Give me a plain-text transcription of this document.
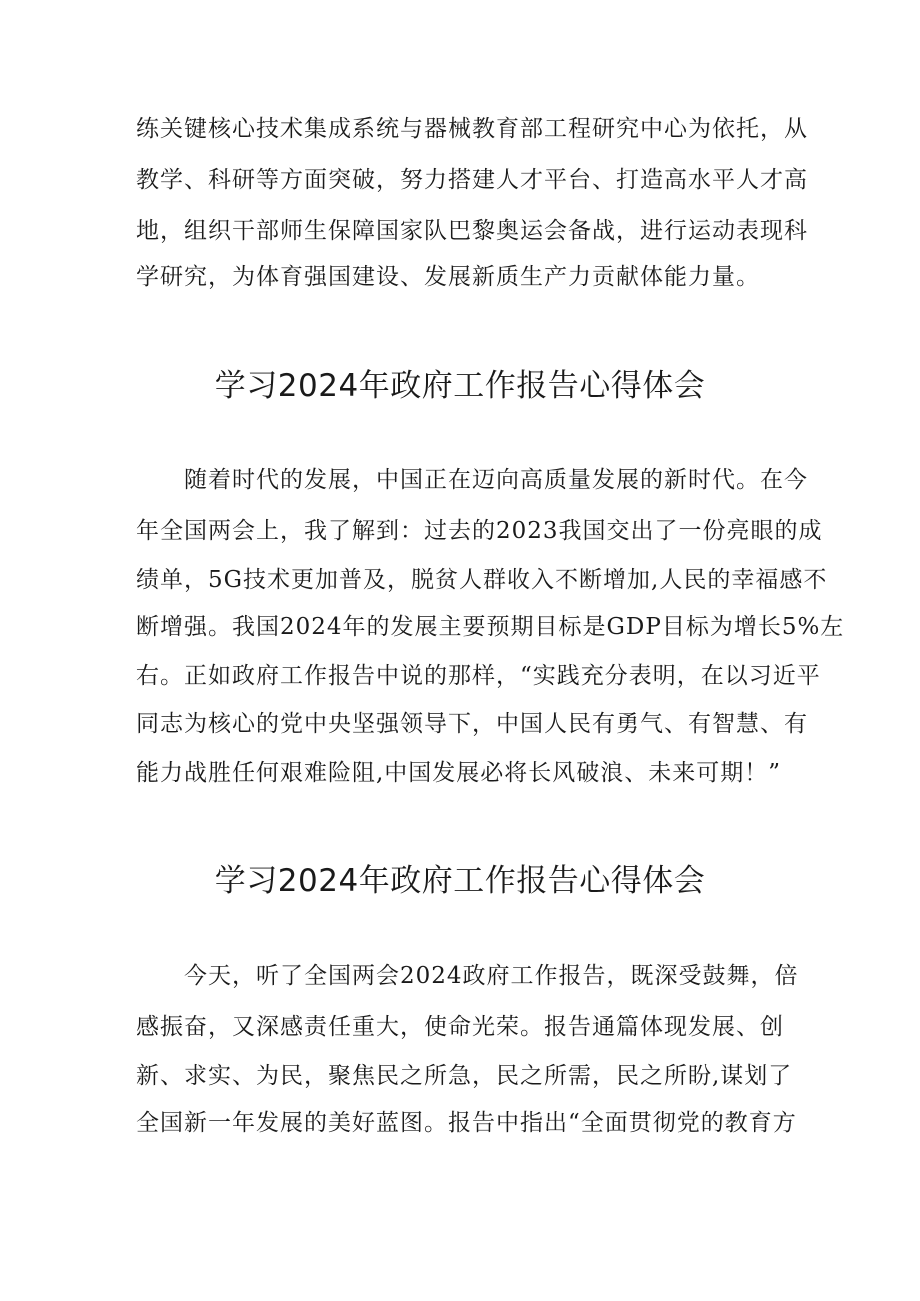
练关键核心技术集成系统与器械教育部工程研究中心为依托，从
教学、科研等方面突破，努力搭建人才平台、打造高水平人才高
地，组织干部师生保障国家队巴黎奥运会备战，进行运动表现科
学研究，为体育强国建设、发展新质生产力贡献体能力量。
学习2024年政府工作报告心得体会
随着时代的发展，中国正在迈向高质量发展的新时代。在今
年全国两会上，我了解到：过去的2023我国交出了一份亮眼的成
绩单，5G技术更加普及，脱贫人群收入不断增加,人民的幸福感不
断增强。我国2024年的发展主要预期目标是GDP目标为增长5%左
右。正如政府工作报告中说的那样，“实践充分表明，在以习近平
同志为核心的党中央坚强领导下，中国人民有勇气、有智慧、有
能力战胜任何艰难险阻,中国发展必将长风破浪、未来可期！”
学习2024年政府工作报告心得体会
今天，听了全国两会2024政府工作报告，既深受鼓舞，倍
感振奋，又深感责任重大，使命光荣。报告通篇体现发展、创
新、求实、为民，聚焦民之所急，民之所需，民之所盼,谋划了
全国新一年发展的美好蓝图。报告中指出“全面贯彻党的教育方
